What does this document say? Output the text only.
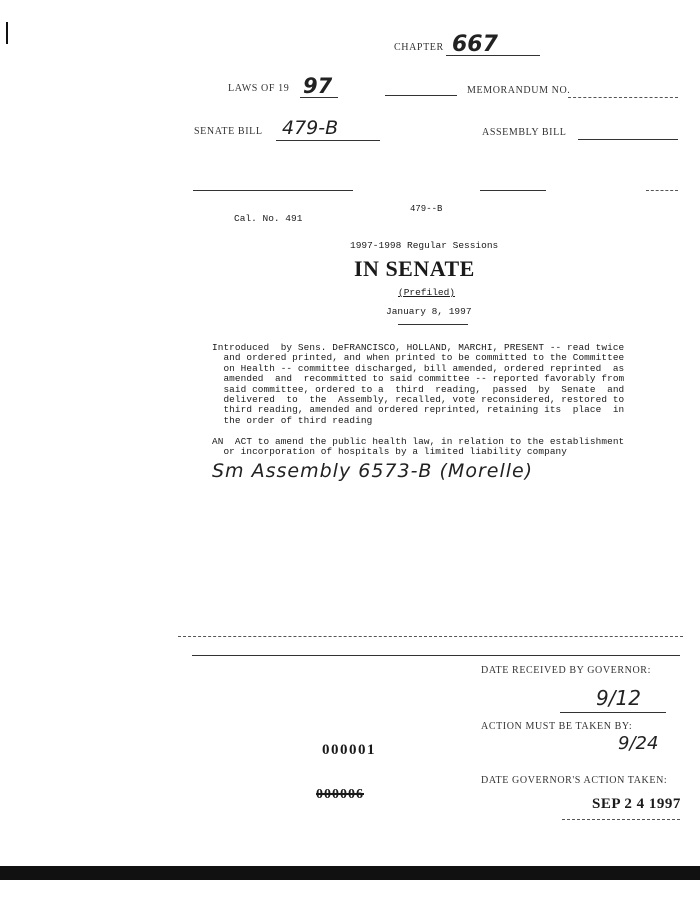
CHAPTER 667
LAWS OF 19 97	MEMORANDUM NO.
SENATE BILL 479-B	ASSEMBLY BILL
479--B
Cal. No. 491
1997-1998 Regular Sessions
IN SENATE
(Prefiled)
January 8, 1997
Introduced  by Sens. DeFRANCISCO, HOLLAND, MARCHI, PRESENT -- read twice
and ordered printed, and when printed to be committed to the Committee
on Health -- committee discharged, bill amended, ordered reprinted  as
amended  and  recommitted to said committee -- reported favorably from
said committee, ordered to a  third  reading,  passed  by  Senate  and
delivered  to  the  Assembly, recalled, vote reconsidered, restored to
third reading, amended and ordered reprinted, retaining its  place  in
the order of third reading
AN  ACT to amend the public health law, in relation to the establishment
or incorporation of hospitals by a limited liability company
Sm Assembly 6573-B (Morelle)
DATE RECEIVED BY GOVERNOR:
9/12
ACTION MUST BE TAKEN BY:
9/24
000001
DATE GOVERNOR'S ACTION TAKEN:
SEP 2 4 1997
000006
